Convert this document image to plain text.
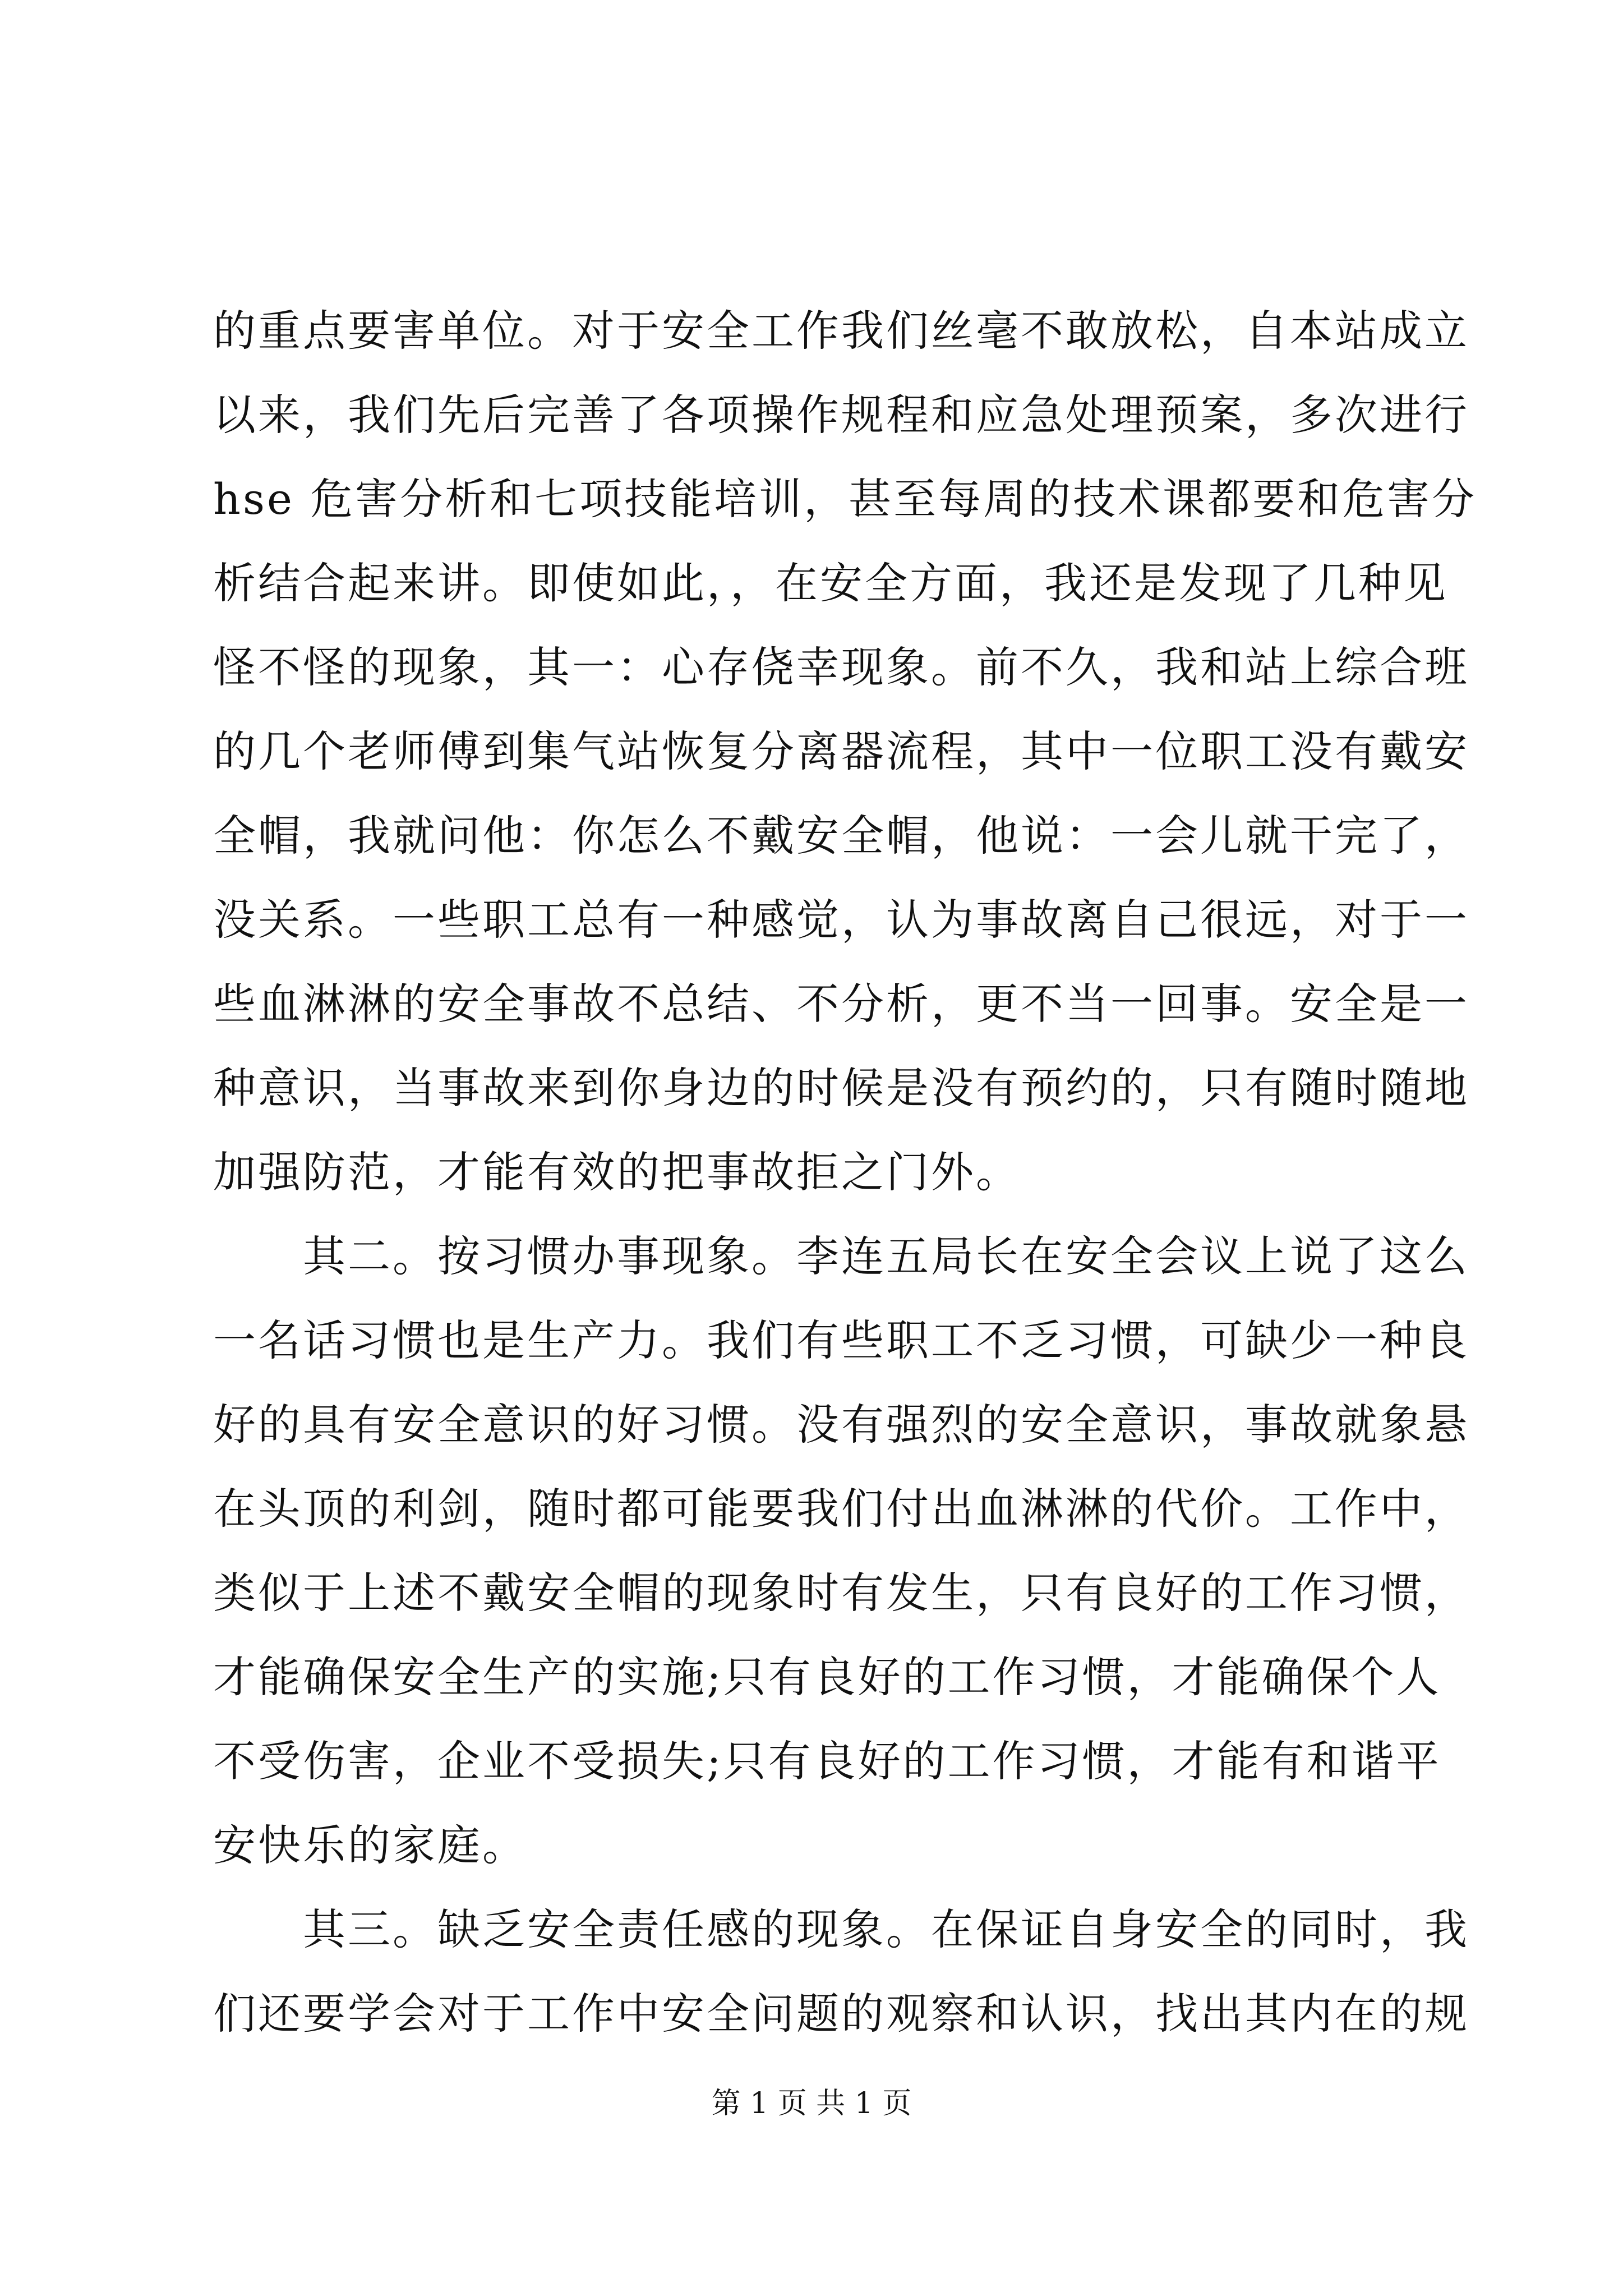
的重点要害单位。对于安全工作我们丝毫不敢放松，自本站成立
以来，我们先后完善了各项操作规程和应急处理预案，多次进行
hse 危害分析和七项技能培训，甚至每周的技术课都要和危害分
析结合起来讲。即使如此，，在安全方面，我还是发现了几种见
怪不怪的现象，其一：心存侥幸现象。前不久，我和站上综合班
的几个老师傅到集气站恢复分离器流程，其中一位职工没有戴安
全帽，我就问他：你怎么不戴安全帽，他说：一会儿就干完了，
没关系。一些职工总有一种感觉，认为事故离自己很远，对于一
些血淋淋的安全事故不总结、不分析，更不当一回事。安全是一
种意识，当事故来到你身边的时候是没有预约的，只有随时随地
加强防范，才能有效的把事故拒之门外。
　　其二。按习惯办事现象。李连五局长在安全会议上说了这么
一名话习惯也是生产力。我们有些职工不乏习惯，可缺少一种良
好的具有安全意识的好习惯。没有强烈的安全意识，事故就象悬
在头顶的利剑，随时都可能要我们付出血淋淋的代价。工作中，
类似于上述不戴安全帽的现象时有发生，只有良好的工作习惯，
才能确保安全生产的实施;只有良好的工作习惯，才能确保个人
不受伤害，企业不受损失;只有良好的工作习惯，才能有和谐平
安快乐的家庭。
　　其三。缺乏安全责任感的现象。在保证自身安全的同时，我
们还要学会对于工作中安全问题的观察和认识，找出其内在的规
第 1 页 共 1 页
